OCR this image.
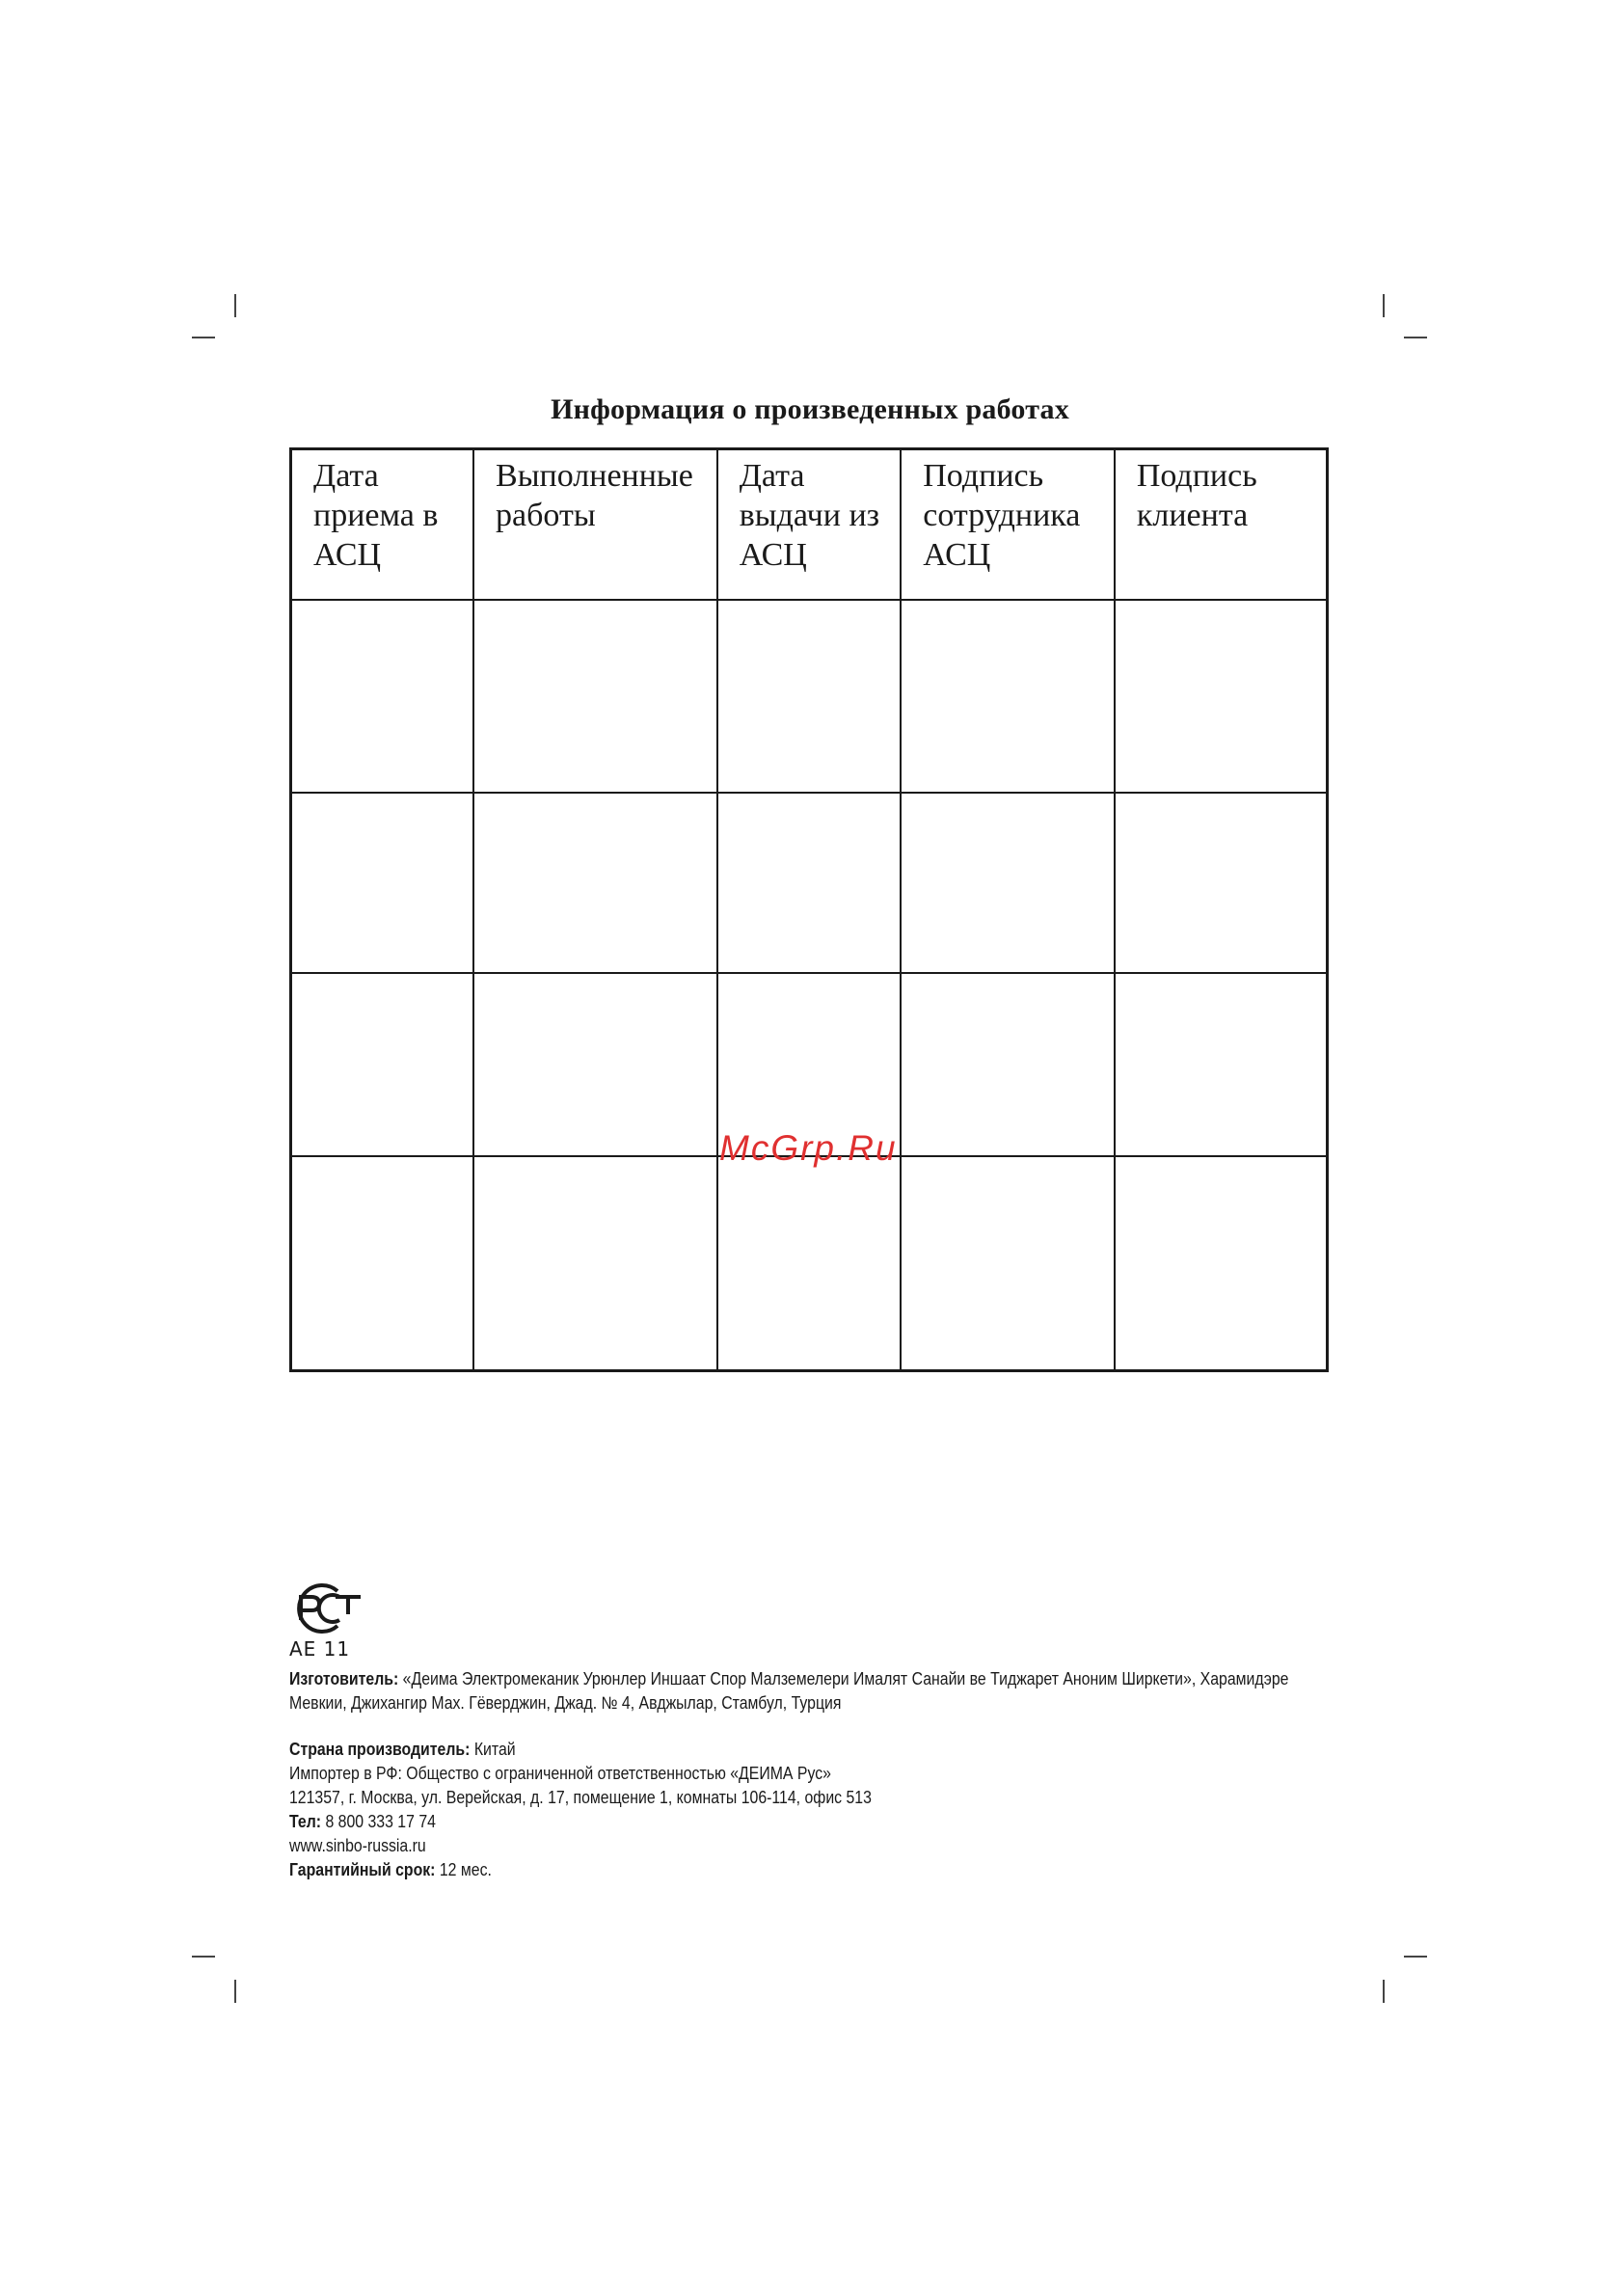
Информация о произведенных работах
Дата
приема в
АСЦ	Выполненные
работы	Дата
выдачи из
АСЦ	Подпись
сотрудника
АСЦ	Подпись
клиента

McGrp.Ru
АЕ 11
Изготовитель: «Деима Электромеканик Урюнлер Иншаат Спор Малземелери Ималят Санайи ве Тиджарет Аноним Ширкети», Харамидэре
Мевкии, Джихангир Мах. Гёверджин, Джад. № 4, Авджылар, Стамбул, Турция
Страна производитель: Китай
Импортер в РФ: Общество с ограниченной ответственностью «ДЕИМА Рус»
121357, г. Москва, ул. Верейская, д. 17, помещение 1, комнаты 106-114, офис 513
Тел: 8 800 333 17 74
www.sinbo-russia.ru
Гарантийный срок: 12 мес.
